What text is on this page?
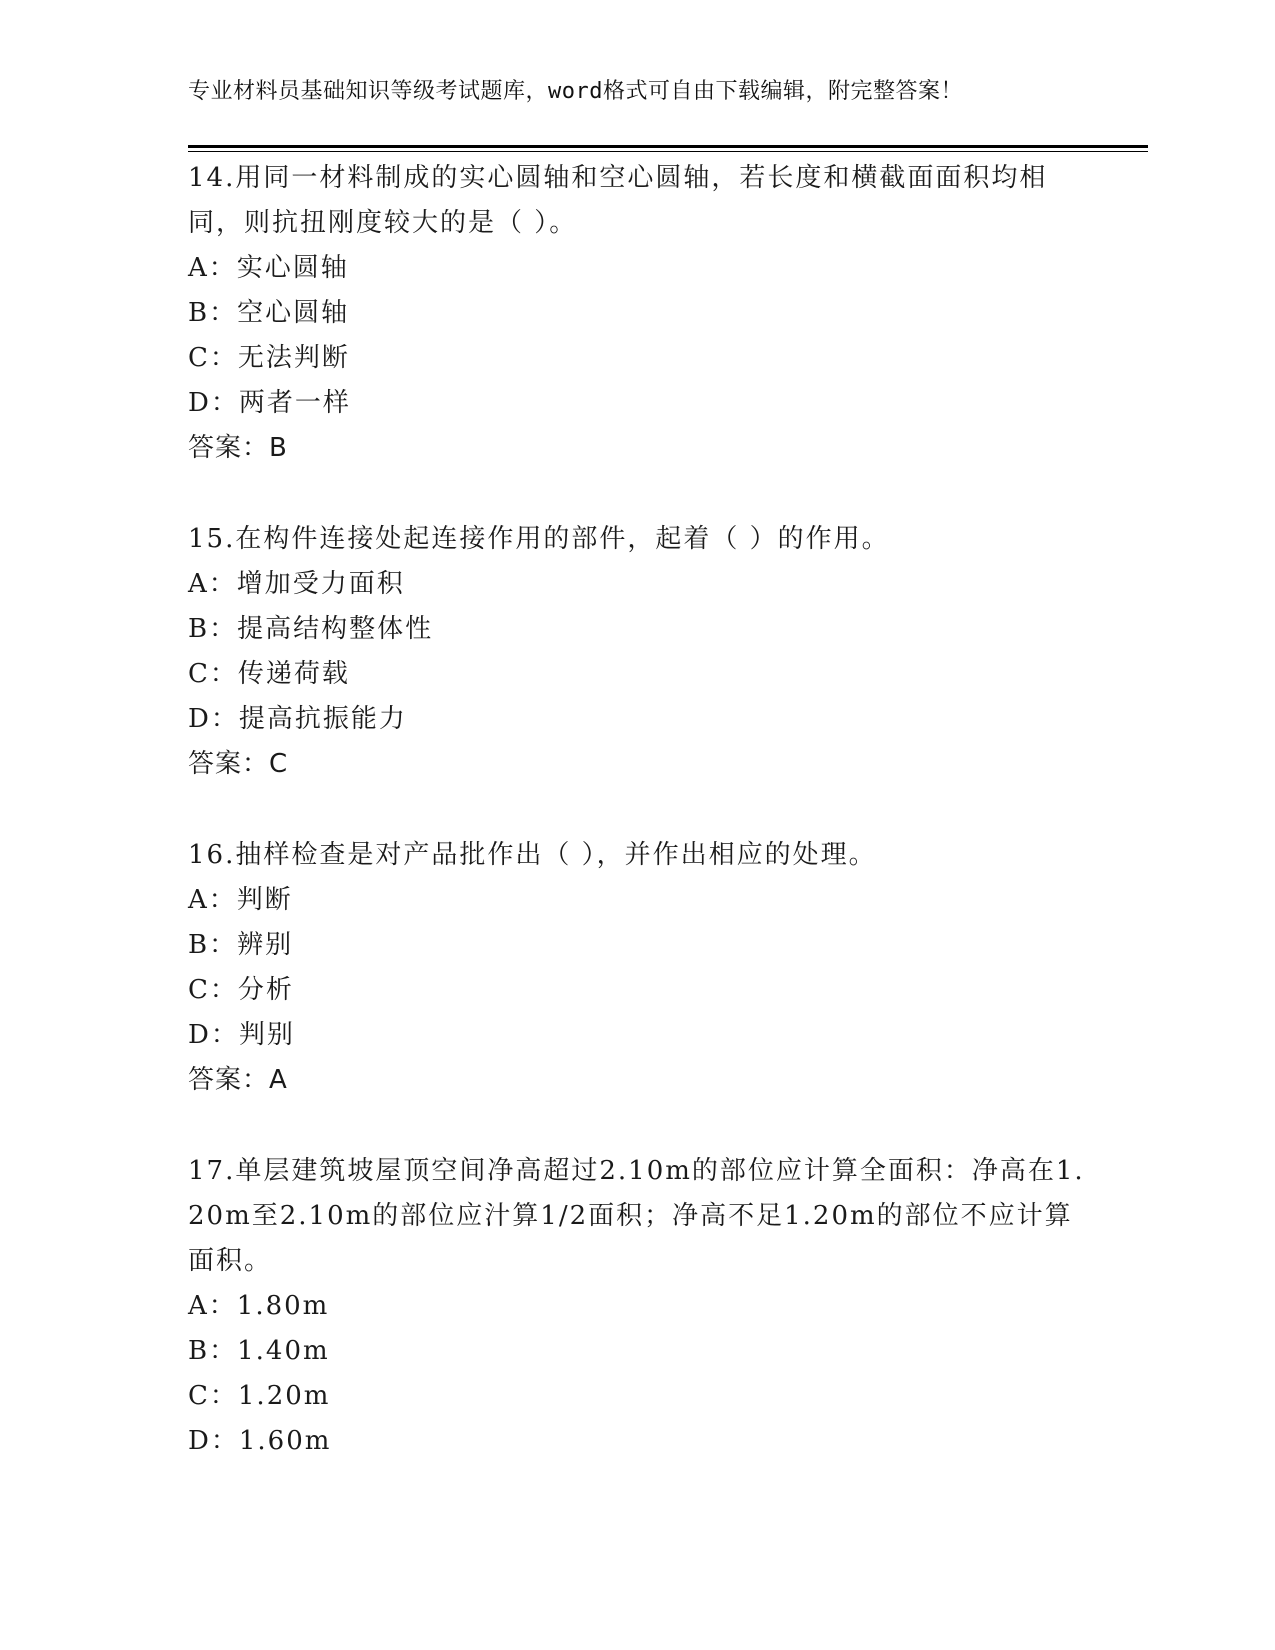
专业材料员基础知识等级考试题库，word格式可自由下载编辑，附完整答案！

14.用同一材料制成的实心圆轴和空心圆轴，若长度和横截面面积均相同，则抗扭刚度较大的是（ ）。

A：实心圆轴

B：空心圆轴

C：无法判断

D：两者一样

答案：B

15.在构件连接处起连接作用的部件，起着（ ）的作用。

A：增加受力面积

B：提高结构整体性

C：传递荷载

D：提高抗振能力

答案：C

16.抽样检查是对产品批作出（ ），并作出相应的处理。

A：判断

B：辨别

C：分析

D：判别

答案：A

17.单层建筑坡屋顶空间净高超过2.10m的部位应计算全面积：净高在1.20m至2.10m的部位应汁算1/2面积；净高不足1.20m的部位不应计算面积。

A：1.80m

B：1.40m

C：1.20m

D：1.60m
